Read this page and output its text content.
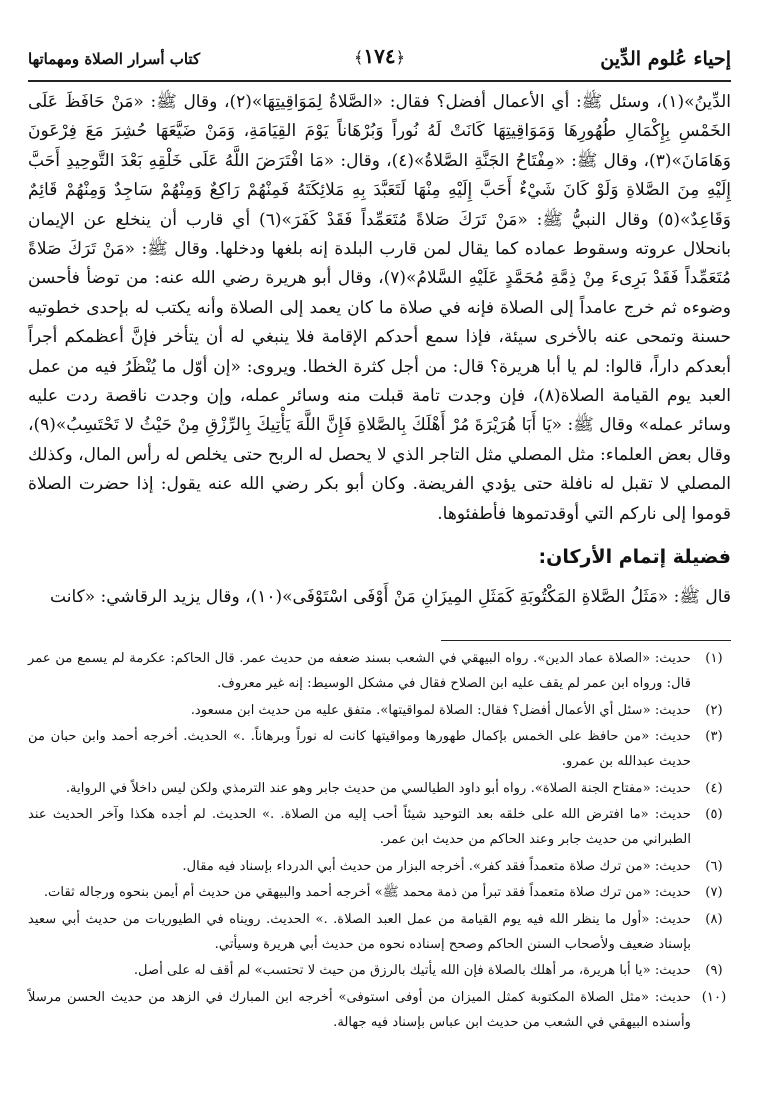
إحياء عُلوم الدِّين
﴿١٧٤﴾
كتاب أسرار الصلاة ومهماتها

الدِّينُ»(١)، وسئل ﷺ: أي الأعمال أفضل؟ فقال: «الصَّلاةُ لِمَوَاقِيتِهَا»(٢)، وقال ﷺ: «مَنْ حَافَظَ عَلَى الخَمْسِ بِإِكْمَالِ طُهُورِهَا وَمَوَاقِيتِهَا كَانَتْ لَهُ نُوراً وَبُرْهَاناً يَوْمَ القِيَامَةِ، وَمَنْ ضَيَّعَهَا حُشِرَ مَعَ فِرْعَونَ وَهَامَانَ»(٣)، وقال ﷺ: «مِفْتَاحُ الجَنَّةِ الصَّلاةُ»(٤)، وقال: «مَا افْتَرَضَ اللَّهُ عَلَى خَلْقِهِ بَعْدَ التَّوحِيدِ أَحَبَّ إِلَيْهِ مِنَ الصَّلاةِ وَلَوْ كَانَ شَيْءٌ أَحَبَّ إِلَيْهِ مِنْهَا لَتَعَبَّدَ بِهِ مَلائِكَتَهُ فَمِنْهُمْ رَاكِعٌ وَمِنْهُمْ سَاجِدٌ وَمِنْهُمْ قَائِمٌ وَقَاعِدٌ»(٥) وقال النبيُّ ﷺ: «مَنْ تَرَكَ صَلاةً مُتَعَمِّداً فَقَدْ كَفَرَ»(٦) أي قارب أن ينخلع عن الإيمان بانحلال عروته وسقوط عماده كما يقال لمن قارب البلدة إنه بلغها ودخلها. وقال ﷺ: «مَنْ تَرَكَ صَلاةً مُتَعَمِّداً فَقَدْ بَرِىءَ مِنْ ذِمَّةِ مُحَمَّدٍ عَلَيْهِ السَّلامُ»(٧)، وقال أبو هريرة رضي الله عنه: من توضأ فأحسن وضوءه ثم خرج عامداً إلى الصلاة فإنه في صلاة ما كان يعمد إلى الصلاة وأنه يكتب له بإحدى خطوتيه حسنة وتمحى عنه بالأخرى سيئة، فإذا سمع أحدكم الإقامة فلا ينبغي له أن يتأخر فإنَّ أعظمكم أجراً أبعدكم داراً، قالوا: لم يا أبا هريرة؟ قال: من أجل كثرة الخطا. ويروى: «إن أوّل ما يُنْظَرُ فيه من عمل العبد يوم القيامة الصلاة(٨)، فإن وجدت تامة قبلت منه وسائر عمله، وإن وجدت ناقصة ردت عليه وسائر عمله» وقال ﷺ: «يَا أَبَا هُرَيْرَةَ مُرْ أَهْلَكَ بِالصَّلاةِ فَإِنَّ اللَّهَ يَأْتِيكَ بِالرِّزْقِ مِنْ حَيْثُ لا تَحْتَسِبُ»(٩)، وقال بعض العلماء: مثل المصلي مثل التاجر الذي لا يحصل له الربح حتى يخلص له رأس المال، وكذلك المصلي لا تقبل له نافلة حتى يؤدي الفريضة. وكان أبو بكر رضي الله عنه يقول: إذا حضرت الصلاة قوموا إلى ناركم التي أوقدتموها فأطفئوها.

فضيلة إتمام الأركان:
قال ﷺ: «مَثَلُ الصَّلاةِ المَكْتُوبَةِ كَمَثَلِ المِيزَانِ مَنْ أَوْفَى اسْتَوْفَى»(١٠)، وقال يزيد الرقاشي: «كانت
(١)
حديث: «الصلاة عماد الدين». رواه البيهقي في الشعب بسند ضعفه من حديث عمر. قال الحاكم: عكرمة لم يسمع من عمر قال: ورواه ابن عمر لم يقف عليه ابن الصلاح فقال في مشكل الوسيط: إنه غير معروف.
(٢)
حديث: «سئل أي الأعمال أفضل؟ فقال: الصلاة لمواقيتها». متفق عليه من حديث ابن مسعود.
(٣)
حديث: «من حافظ على الخمس بإكمال طهورها ومواقيتها كانت له نوراً وبرهاناً. .» الحديث. أخرجه أحمد وابن حبان من حديث عبدالله بن عمرو.
(٤)
حديث: «مفتاح الجنة الصلاة». رواه أبو داود الطيالسي من حديث جابر وهو عند الترمذي ولكن ليس داخلاً في الرواية.
(٥)
حديث: «ما افترض الله على خلقه بعد التوحيد شيئاً أحب إليه من الصلاة. .» الحديث. لم أجده هكذا وآخر الحديث عند الطبراني من حديث جابر وعند الحاكم من حديث ابن عمر.
(٦)
حديث: «من ترك صلاة متعمداً فقد كفر». أخرجه البزار من حديث أبي الدرداء بإسناد فيه مقال.
(٧)
حديث: «من ترك صلاة متعمداً فقد تبرأ من ذمة محمد ﷺ» أخرجه أحمد والبيهقي من حديث أم أيمن بنحوه ورجاله ثقات.
(٨)
حديث: «أول ما ينظر الله فيه يوم القيامة من عمل العبد الصلاة. .» الحديث. رويناه في الطيوريات من حديث أبي سعيد بإسناد ضعيف ولأصحاب السنن الحاكم وصحح إسناده نحوه من حديث أبي هريرة وسيأتي.
(٩)
حديث: «يا أبا هريرة، مر أهلك بالصلاة فإن الله يأتيك بالرزق من حيث لا تحتسب» لم أقف له على أصل.
(١٠)
حديث: «مثل الصلاة المكتوبة كمثل الميزان من أوفى استوفى» أخرجه ابن المبارك في الزهد من حديث الحسن مرسلاً وأسنده البيهقي في الشعب من حديث ابن عباس بإسناد فيه جهالة.
